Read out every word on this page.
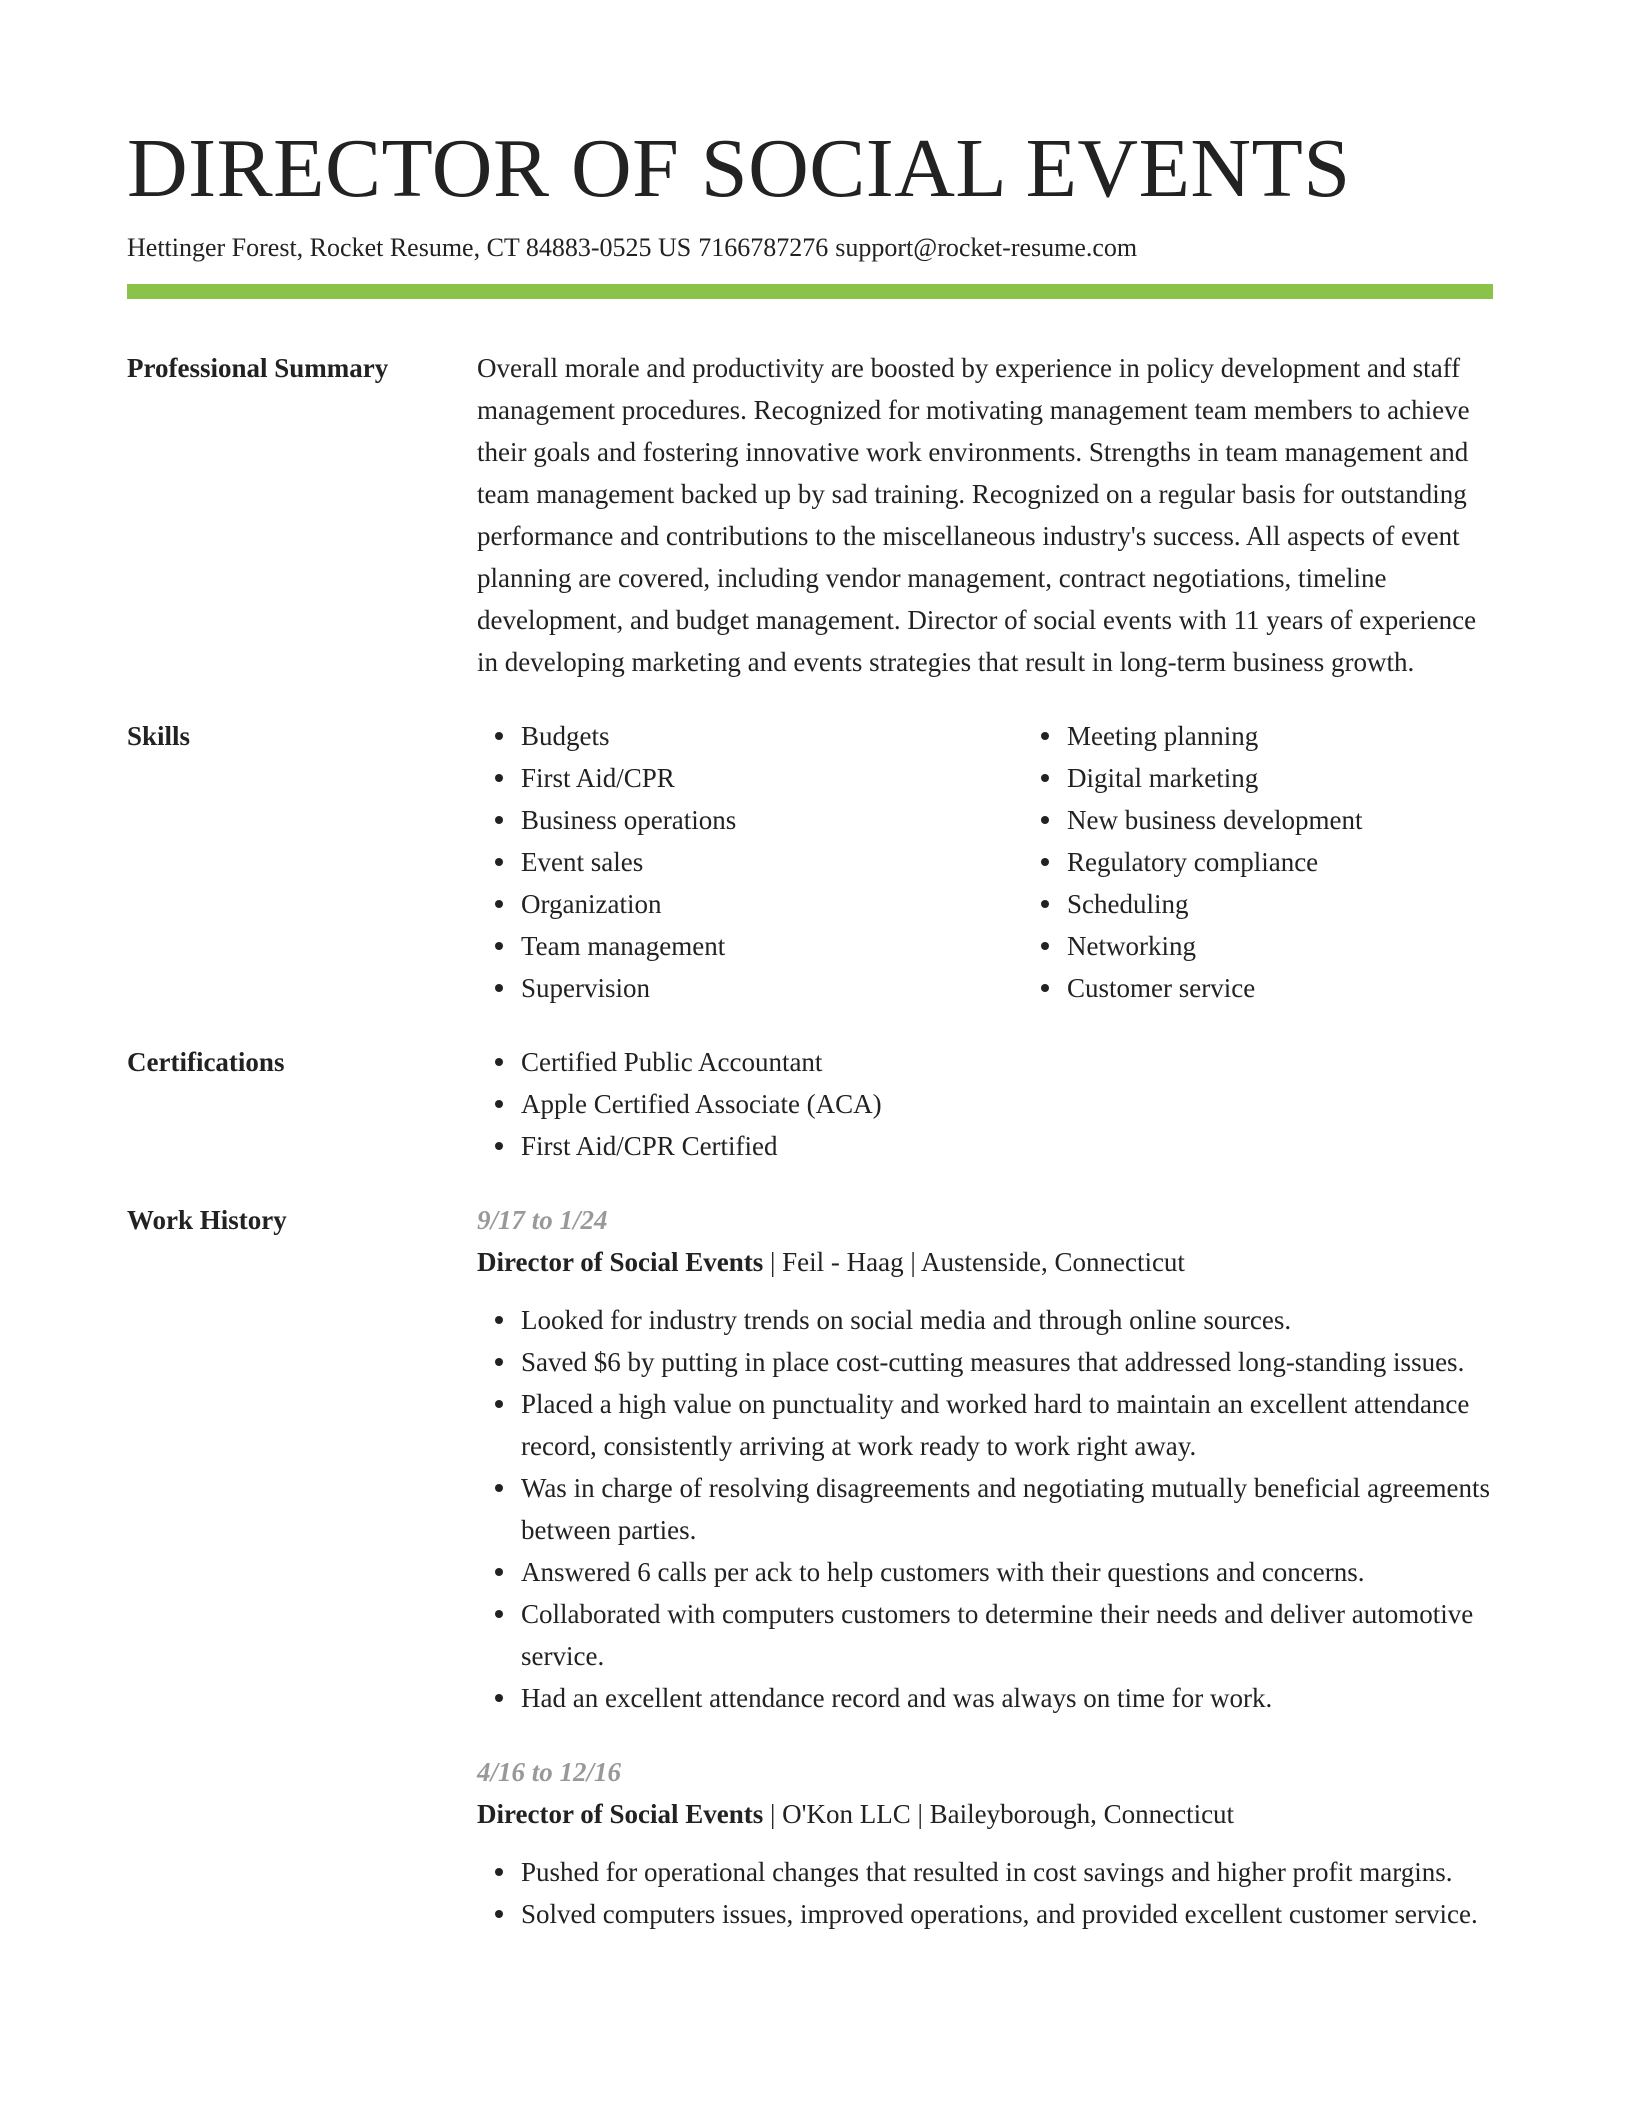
DIRECTOR OF SOCIAL EVENTS
Hettinger Forest, Rocket Resume, CT 84883-0525 US 7166787276 support@rocket-resume.com
Professional Summary	Overall morale and productivity are boosted by experience in policy development and staff management procedures. Recognized for motivating management team members to achieve their goals and fostering innovative work environments. Strengths in team management and team management backed up by sad training. Recognized on a regular basis for outstanding performance and contributions to the miscellaneous industry's success. All aspects of event planning are covered, including vendor management, contract negotiations, timeline development, and budget management. Director of social events with 11 years of experience in developing marketing and events strategies that result in long-term business growth.

Skills	Budgets
First Aid/CPR
Business operations
Event sales
Organization
Team management
Supervision
Meeting planning
Digital marketing
New business development
Regulatory compliance
Scheduling
Networking
Customer service
Certifications	Certified Public Accountant
Apple Certified Associate (ACA)
First Aid/CPR Certified
Work History	9/17 to 1/24
Director of Social Events | Feil - Haag | Austenside, Connecticut
Looked for industry trends on social media and through online sources.
Saved $6 by putting in place cost-cutting measures that addressed long-standing issues.
Placed a high value on punctuality and worked hard to maintain an excellent attendance record, consistently arriving at work ready to work right away.
Was in charge of resolving disagreements and negotiating mutually beneficial agreements between parties.
Answered 6 calls per ack to help customers with their questions and concerns.
Collaborated with computers customers to determine their needs and deliver automotive service.
Had an excellent attendance record and was always on time for work.
4/16 to 12/16
Director of Social Events | O'Kon LLC | Baileyborough, Connecticut
Pushed for operational changes that resulted in cost savings and higher profit margins.
Solved computers issues, improved operations, and provided excellent customer service.
